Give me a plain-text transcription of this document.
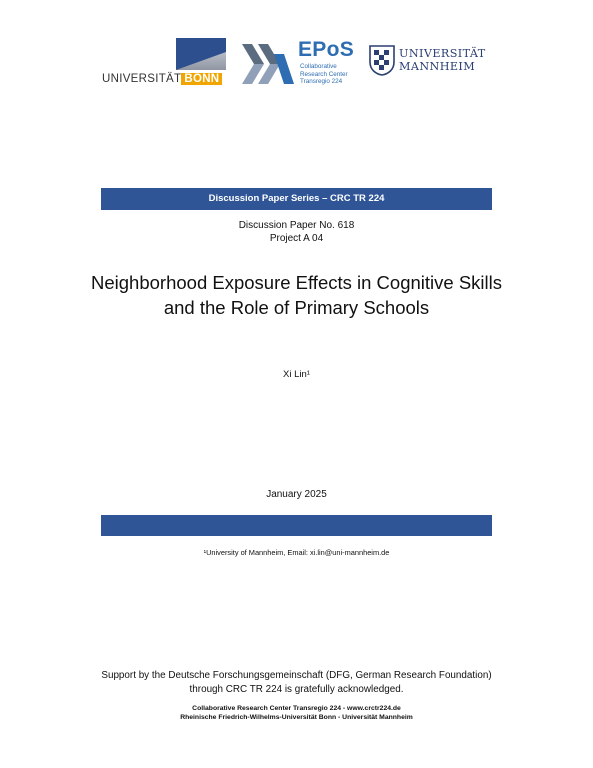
UNIVERSITÄT BONN
EPoS
Collaborative
Research Center
Transregio 224
UNIVERSITÄT
MANNHEIM
Discussion Paper Series – CRC TR 224
Discussion Paper No. 618
Project A 04
Neighborhood Exposure Effects in Cognitive Skills
and the Role of Primary Schools
Xi Lin¹
January 2025
¹University of Mannheim, Email: xi.lin@uni-mannheim.de
Support by the Deutsche Forschungsgemeinschaft (DFG, German Research Foundation)
through CRC TR 224 is gratefully acknowledged.
Collaborative Research Center Transregio 224 - www.crctr224.de
Rheinische Friedrich-Wilhelms-Universität Bonn - Universität Mannheim
